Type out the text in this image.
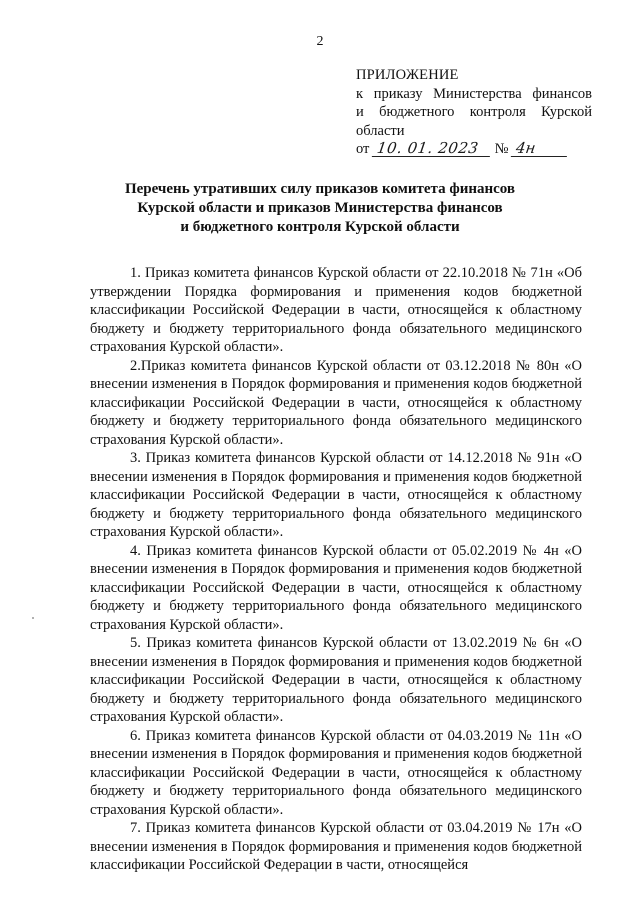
2
ПРИЛОЖЕНИЕ
к приказу Министерства финансов
и бюджетного контроля Курской
области
от 10. 01. 2023 № 4н
Перечень утративших силу приказов комитета финансов
Курской области и приказов Министерства финансов
и бюджетного контроля Курской области

1. Приказ комитета финансов Курской области от 22.10.2018 № 71н «Об утверждении Порядка формирования и применения кодов бюджетной классификации Российской Федерации в части, относящейся к областному бюджету и бюджету территориального фонда обязательного медицинского страхования Курской области».

2.Приказ комитета финансов Курской области от 03.12.2018 № 80н «О внесении изменения в Порядок формирования и применения кодов бюджетной классификации Российской Федерации в части, относящейся к областному бюджету и бюджету территориального фонда обязательного медицинского страхования Курской области».

3. Приказ комитета финансов Курской области от 14.12.2018 № 91н «О внесении изменения в Порядок формирования и применения кодов бюджетной классификации Российской Федерации в части, относящейся к областному бюджету и бюджету территориального фонда обязательного медицинского страхования Курской области».

4. Приказ комитета финансов Курской области от 05.02.2019 № 4н «О внесении изменения в Порядок формирования и применения кодов бюджетной классификации Российской Федерации в части, относящейся к областному бюджету и бюджету территориального фонда обязательного медицинского страхования Курской области».

5. Приказ комитета финансов Курской области от 13.02.2019 № 6н «О внесении изменения в Порядок формирования и применения кодов бюджетной классификации Российской Федерации в части, относящейся к областному бюджету и бюджету территориального фонда обязательного медицинского страхования Курской области».

6. Приказ комитета финансов Курской области от 04.03.2019 № 11н «О внесении изменения в Порядок формирования и применения кодов бюджетной классификации Российской Федерации в части, относящейся к областному бюджету и бюджету территориального фонда обязательного медицинского страхования Курской области».

7. Приказ комитета финансов Курской области от 03.04.2019 № 17н «О внесении изменения в Порядок формирования и применения кодов бюджетной классификации Российской Федерации в части, относящейся
